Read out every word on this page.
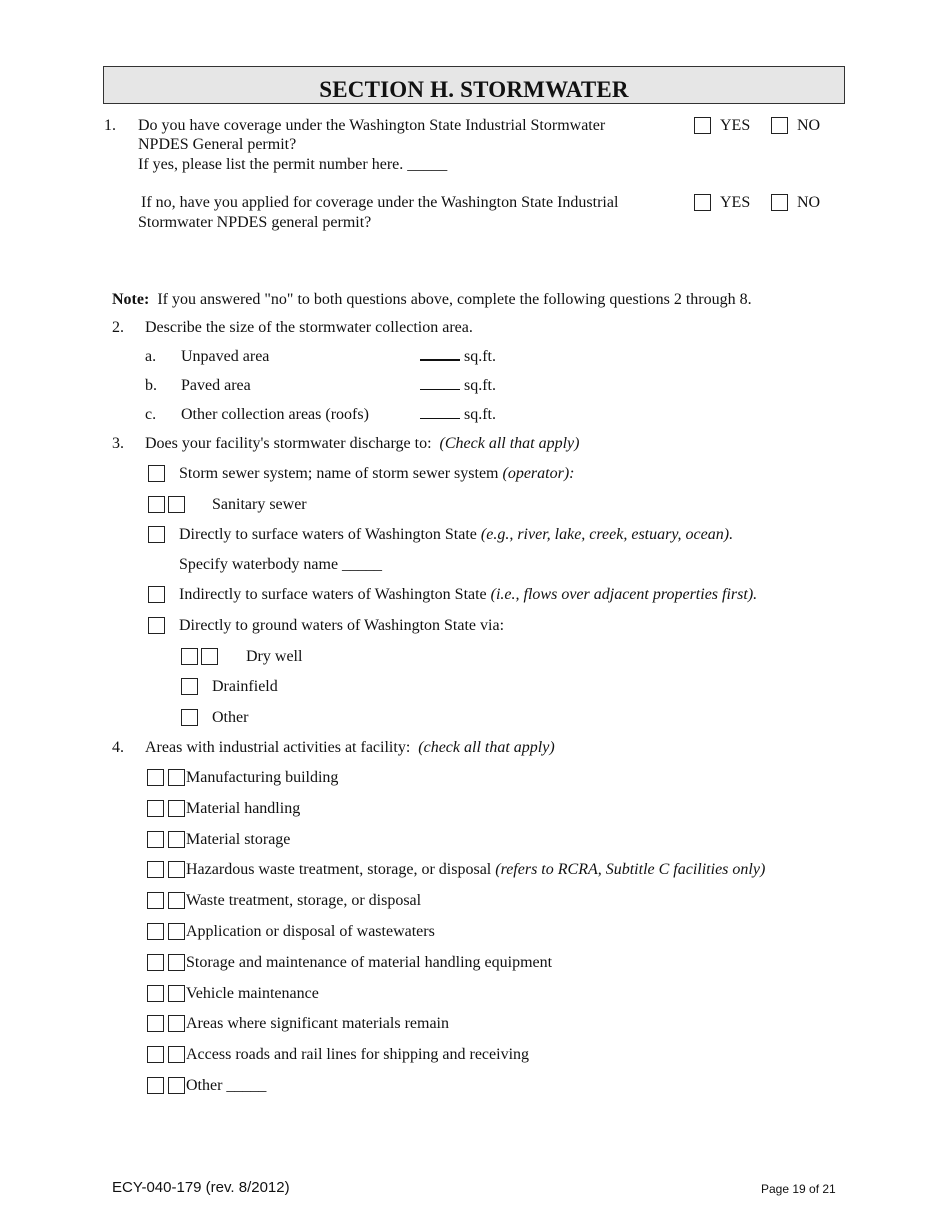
SECTION H. STORMWATER
1. Do you have coverage under the Washington State Industrial Stormwater
NPDES General permit?
If yes, please list the permit number here. _____
YES	NO
If no, have you applied for coverage under the Washington State Industrial
Stormwater NPDES general permit?
YES	NO
Note: If you answered "no" to both questions above, complete the following questions 2 through 8.
2. Describe the size of the stormwater collection area.
a. Unpaved area	sq.ft.
b. Paved area	sq.ft.
c. Other collection areas (roofs)	sq.ft.
3. Does your facility's stormwater discharge to: (Check all that apply)
Storm sewer system; name of storm sewer system (operator):
Sanitary sewer
Directly to surface waters of Washington State (e.g., river, lake, creek, estuary, ocean).
Specify waterbody name _____
Indirectly to surface waters of Washington State (i.e., flows over adjacent properties first).
Directly to ground waters of Washington State via:
Dry well
Drainfield
Other
4. Areas with industrial activities at facility: (check all that apply)
Manufacturing building
Material handling
Material storage
Hazardous waste treatment, storage, or disposal (refers to RCRA, Subtitle C facilities only)
Waste treatment, storage, or disposal
Application or disposal of wastewaters
Storage and maintenance of material handling equipment
Vehicle maintenance
Areas where significant materials remain
Access roads and rail lines for shipping and receiving
Other _____
ECY-040-179 (rev. 8/2012)	Page 19 of 21
